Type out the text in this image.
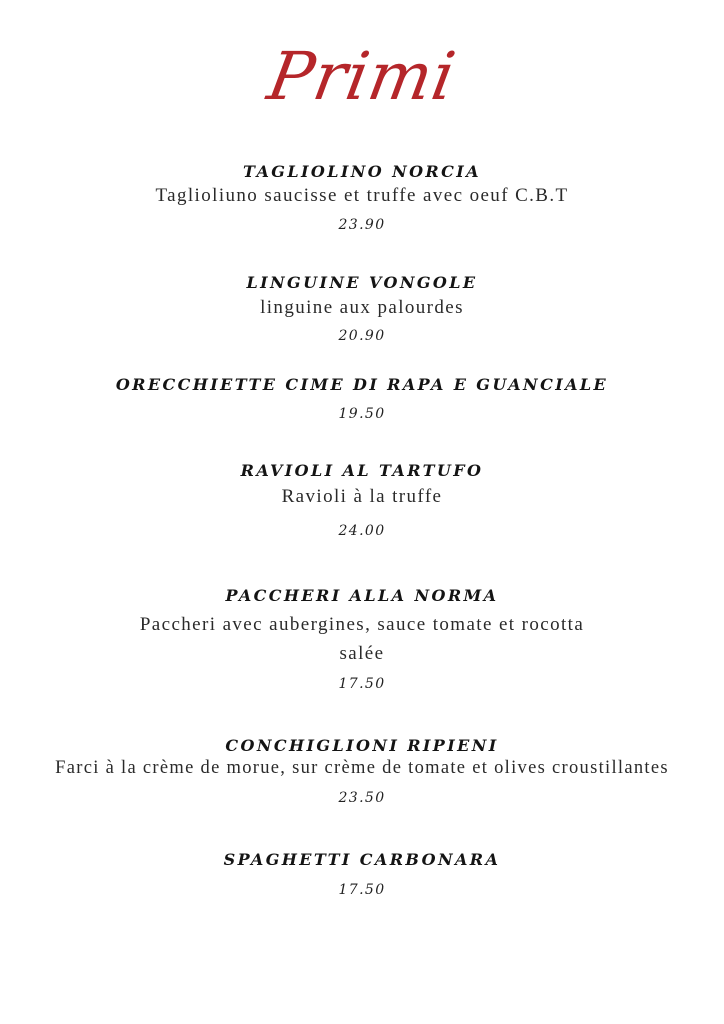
Primi
TAGLIOLINO NORCIA
Taglioliuno saucisse et truffe avec oeuf C.B.T
23.90
LINGUINE VONGOLE
linguine aux palourdes
20.90
ORECCHIETTE CIME DI RAPA E GUANCIALE
19.50
RAVIOLI AL TARTUFO
Ravioli à la truffe
24.00
PACCHERI ALLA NORMA
Paccheri avec aubergines, sauce tomate et rocotta
salée
17.50
CONCHIGLIONI RIPIENI
Farci à la crème de morue, sur crème de tomate et olives croustillantes
23.50
SPAGHETTI CARBONARA
17.50
